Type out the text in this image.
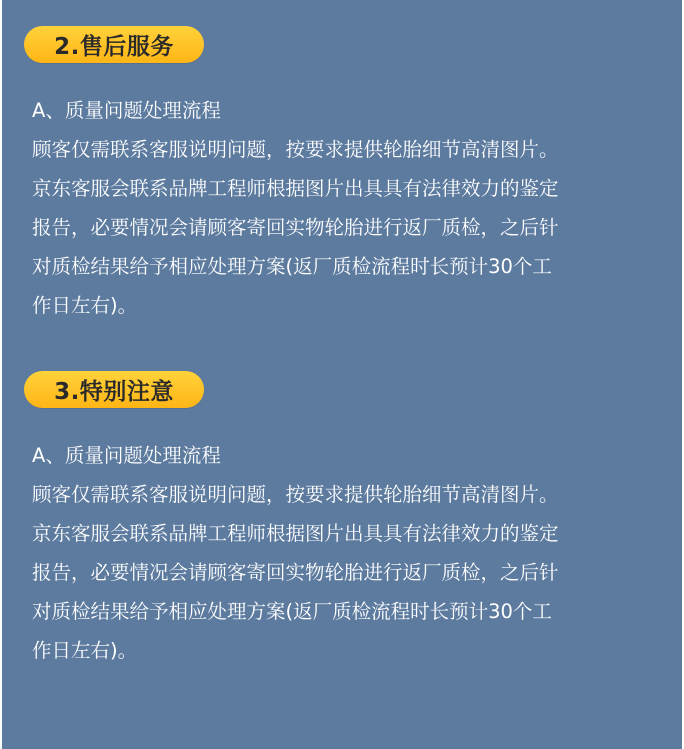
2.售后服务

A、质量问题处理流程

顾客仅需联系客服说明问题，按要求提供轮胎细节高清图片。

京东客服会联系品牌工程师根据图片出具具有法律效力的鉴定

报告，必要情况会请顾客寄回实物轮胎进行返厂质检，之后针

对质检结果给予相应处理方案(返厂质检流程时长预计30个工

作日左右)。

3.特别注意

A、质量问题处理流程

顾客仅需联系客服说明问题，按要求提供轮胎细节高清图片。

京东客服会联系品牌工程师根据图片出具具有法律效力的鉴定

报告，必要情况会请顾客寄回实物轮胎进行返厂质检，之后针

对质检结果给予相应处理方案(返厂质检流程时长预计30个工

作日左右)。
